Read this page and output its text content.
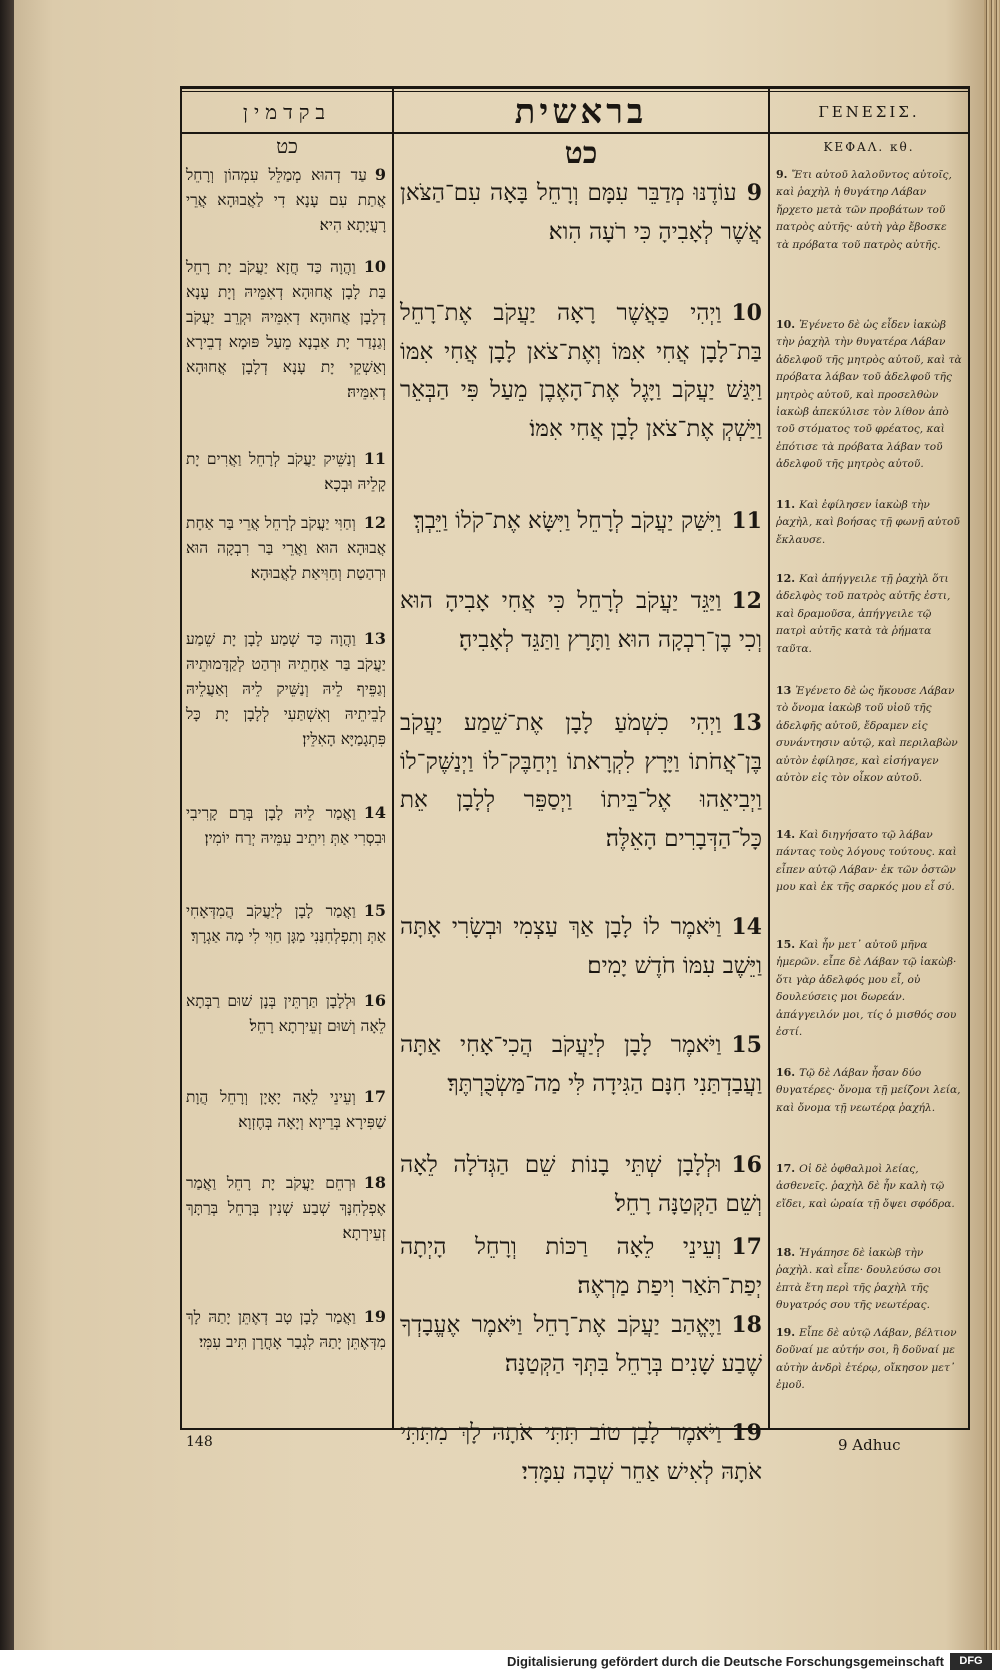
בקדמין	בראשית	ΓΕΝΕΣΙΣ.
כט	כט	ΚΕΦΑΛ. κθ.
9עַד דְהוּא מְמַלֵּל עִמְהוֹן וְרָחֵל אֲתַת עִם עָנָא דִי לַאֲבוּהָא אֲרֵי רָעֲיָתָא הִיא׃
10וַהֲוָה כַּד חֲזָא יַעֲקֹב יָת רָחֵל בַּת לָבָן אֲחוּהָא דְאִמֵּיהּ וְיָת עָנָא דְלָבָן אֲחוּהָא דְאִמֵּיהּ וּקְרֵב יַעֲקֹב וְגַנְדַר יָת אַבְנָא מֵעַל פּוּמָא דְבֵירָא וְאַשְׁקֵי יָת עָנָא דְלָבָן אֲחוּהָא דְאִמֵּיהּ׃
11וְנַשֵּׁיק יַעֲקֹב לְרָחֵל וַאֲרִים יָת קָלֵיהּ וּבְכָא׃
12וְחַוִּי יַעֲקֹב לְרָחֵל אֲרֵי בַּר אַחָת אֲבוּהָא הוּא וַאֲרֵי בַּר רִבְקָה הוּא וּרְהַטַת וְחַוִּיאַת לַאֲבוּהָא׃
13וַהֲוָה כַּד שְׁמַע לָבָן יָת שֵׁמַע יַעֲקֹב בַּר אַחָתֵיהּ וּרְהַט לְקַדָּמוּתֵיהּ וְגַפֵּיף לֵיהּ וְנַשֵּׁיק לֵיהּ וְאַעֲלֵיהּ לְבֵיתֵיהּ וְאִשְׁתַּעִי לְלָבָן יָת כָּל פִּתְגָמַיָּא הָאִלֵּין׃
14וַאֲמַר לֵיהּ לָבָן בְּרַם קָרִיבִי וּבִסְרִי אַתְּ וִיתֵיב עִמֵּיהּ יְרַח יוֹמִין׃
15וַאֲמַר לָבָן לְיַעֲקֹב הֲמִדְּאָחִי אַתְּ וְתִפְלְחִנַּנִי מַגָּן חַוִּי לִי מָה אַגְרָךְ׃
16וּלְלָבָן תַּרְתֵּין בְּנָן שׁוּם רַבְּתָא לֵאָה וְשׁוּם זְעֵירְתָא רָחֵל׃
17וְעֵינֵי לֵאָה יָאָיָן וְרָחֵל הֲוָת שַׁפִּירָא בְּרֵיוָא וְיָאָה בְּחֶזְוָא׃
18וּרְחֵם יַעֲקֹב יָת רָחֵל וַאֲמַר אֶפְלְחִנָּךְ שְׁבַע שְׁנִין בְּרָחֵל בְּרַתָּךְ זְעֵירְתָא׃
19וַאֲמַר לָבָן טָב דְאֶתֵּן יָתַהּ לָךְ מִדְּאֶתֵּן יָתַהּ לִגְבַר אָחֳרָן תִּיב עִמִּי׃
9עוֹדֶנּוּ מְדַבֵּר עִמָּם וְרָחֵל בָּאָה עִם־הַצֹּאן אֲשֶׁר לְאָבִיהָ כִּי רֹעָה הִוא׃
10וַיְהִי כַּאֲשֶׁר רָאָה יַעֲקֹב אֶת־רָחֵל בַּת־לָבָן אֲחִי אִמּוֹ וְאֶת־צֹאן לָבָן אֲחִי אִמּוֹ וַיִּגַּשׁ יַעֲקֹב וַיָּגֶל אֶת־הָאֶבֶן מֵעַל פִּי הַבְּאֵר וַיַּשְׁקְ אֶת־צֹאן לָבָן אֲחִי אִמּוֹ׃
11וַיִּשַּׁק יַעֲקֹב לְרָחֵל וַיִּשָּׂא אֶת־קֹלוֹ וַיֵּבְךְּ׃
12וַיַּגֵּד יַעֲקֹב לְרָחֵל כִּי אֲחִי אָבִיהָ הוּא וְכִי בֶן־רִבְקָה הוּא וַתָּרָץ וַתַּגֵּד לְאָבִיהָ׃
13וַיְהִי כִשְׁמֹעַ לָבָן אֶת־שֵׁמַע יַעֲקֹב בֶּן־אֲחֹתוֹ וַיָּרָץ לִקְרָאתוֹ וַיְחַבֶּק־לוֹ וַיְנַשֶּׁק־לוֹ וַיְבִיאֵהוּ אֶל־בֵּיתוֹ וַיְסַפֵּר לְלָבָן אֵת כָּל־הַדְּבָרִים הָאֵלֶּה׃
14וַיֹּאמֶר לוֹ לָבָן אַךְ עַצְמִי וּבְשָׂרִי אָתָּה וַיֵּשֶׁב עִמּוֹ חֹדֶשׁ יָמִים׃
15וַיֹּאמֶר לָבָן לְיַעֲקֹב הֲכִי־אָחִי אַתָּה וַעֲבַדְתַּנִי חִנָּם הַגִּידָה לִּי מַה־מַּשְׂכֻּרְתֶּךָ׃
16וּלְלָבָן שְׁתֵּי בָנוֹת שֵׁם הַגְּדֹלָה לֵאָה וְשֵׁם הַקְּטַנָּה רָחֵל׃
17וְעֵינֵי לֵאָה רַכּוֹת וְרָחֵל הָיְתָה יְפַת־תֹּאַר וִיפַת מַרְאֶה׃
18וַיֶּאֱהַב יַעֲקֹב אֶת־רָחֵל וַיֹּאמֶר אֶעֱבָדְךָ שֶׁבַע שָׁנִים בְּרָחֵל בִּתְּךָ הַקְּטַנָּה׃
19וַיֹּאמֶר לָבָן טוֹב תִּתִּי אֹתָהּ לָךְ מִתִּתִּי אֹתָהּ לְאִישׁ אַחֵר שְׁבָה עִמָּדִי׃
9. Ἔτι αὐτοῦ λαλοῦντος αὐτοῖς, καὶ ῥαχὴλ ἡ θυγάτηρ Λάβαν ἤρχετο μετὰ τῶν προβάτων τοῦ πατρὸς αὐτῆς· αὐτὴ γὰρ ἔβοσκε τὰ πρόβατα τοῦ πατρὸς αὐτῆς.
10. Ἐγένετο δὲ ὡς εἶδεν ἰακὼβ τὴν ῥαχὴλ τὴν θυγατέρα Λάβαν ἀδελφοῦ τῆς μητρὸς αὐτοῦ, καὶ τὰ πρόβατα λάβαν τοῦ ἀδελφοῦ τῆς μητρὸς αὐτοῦ, καὶ προσελθὼν ἰακὼβ ἀπεκύλισε τὸν λίθον ἀπὸ τοῦ στόματος τοῦ φρέατος, καὶ ἐπότισε τὰ πρόβατα λάβαν τοῦ ἀδελφοῦ τῆς μητρὸς αὐτοῦ.
11. Καὶ ἐφίλησεν ἰακὼβ τὴν ῥαχὴλ, καὶ βοήσας τῇ φωνῇ αὐτοῦ ἔκλαυσε.
12. Καὶ ἀπήγγειλε τῇ ῥαχὴλ ὅτι ἀδελφὸς τοῦ πατρὸς αὐτῆς ἐστι, καὶ δραμοῦσα, ἀπήγγειλε τῷ πατρὶ αὐτῆς κατὰ τὰ ῥήματα ταῦτα.
13 Ἐγένετο δὲ ὡς ἤκουσε Λάβαν τὸ ὄνομα ἰακὼβ τοῦ υἱοῦ τῆς ἀδελφῆς αὐτοῦ, ἔδραμεν εἰς συνάντησιν αὐτῷ, καὶ περιλαβὼν αὐτὸν ἐφίλησε, καὶ εἰσήγαγεν αὐτὸν εἰς τὸν οἶκον αὐτοῦ.
14. Καὶ διηγήσατο τῷ λάβαν πάντας τοὺς λόγους τούτους. καὶ εἶπεν αὐτῷ Λάβαν· ἐκ τῶν ὀστῶν μου καὶ ἐκ τῆς σαρκός μου εἶ σύ.
15. Καὶ ἦν μετ᾿ αὐτοῦ μῆνα ἡμερῶν. εἶπε δὲ Λάβαν τῷ ἰακὼβ· ὅτι γὰρ ἀδελφός μου εἶ, οὐ δουλεύσεις μοι δωρεάν. ἀπάγγειλόν μοι, τίς ὁ μισθός σου ἐστί.
16. Τῷ δὲ Λάβαν ἦσαν δύο θυγατέρες· ὄνομα τῇ μείζονι λεία, καὶ ὄνομα τῇ νεωτέρᾳ ῥαχήλ.
17. Οἱ δὲ ὀφθαλμοὶ λείας, ἀσθενεῖς. ῥαχὴλ δὲ ἦν καλὴ τῷ εἴδει, καὶ ὡραία τῇ ὄψει σφόδρα.
18. Ἠγάπησε δὲ ἰακὼβ τὴν ῥαχὴλ. καὶ εἶπε· δουλεύσω σοι ἑπτὰ ἔτη περὶ τῆς ῥαχὴλ τῆς θυγατρός σου τῆς νεωτέρας.
19. Εἶπε δὲ αὐτῷ Λάβαν, βέλτιον δοῦναί με αὐτήν σοι, ἢ δοῦναί με αὐτὴν ἀνδρὶ ἑτέρῳ, οἴκησον μετ᾿ ἐμοῦ.
148	9 Adhuc
Digitalisierung gefördert durch die Deutsche Forschungsgemeinschaft	DFG
